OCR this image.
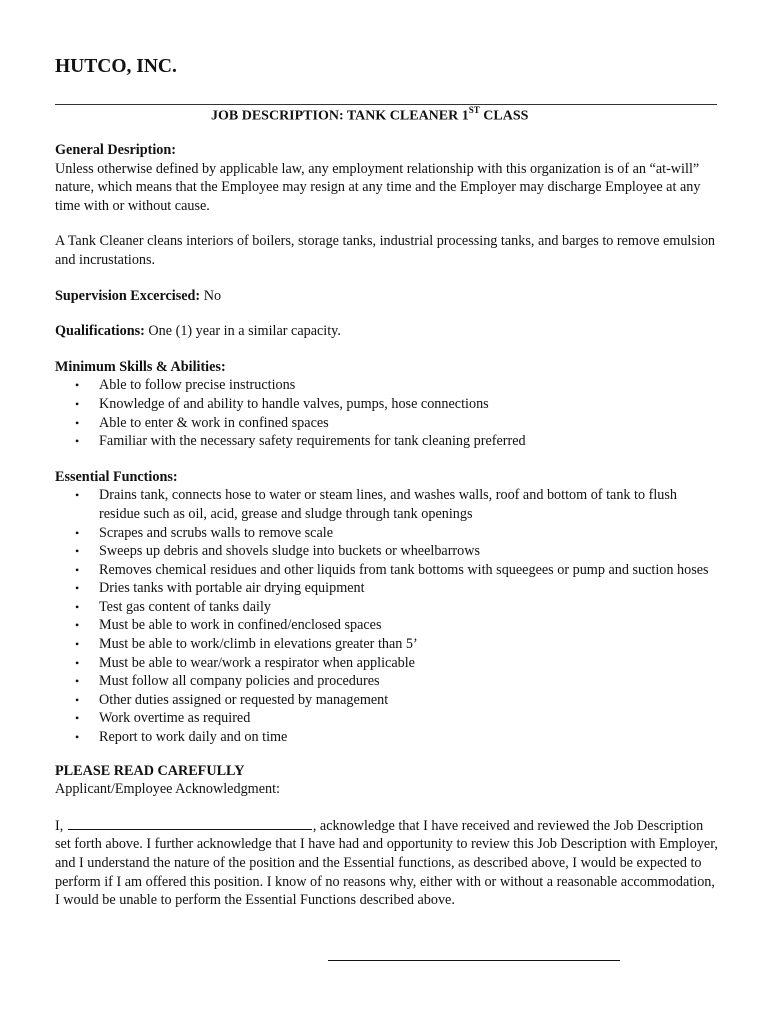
HUTCO, INC.
JOB DESCRIPTION: TANK CLEANER 1ST CLASS

General Desription:

Unless otherwise defined by applicable law, any employment relationship with this organization is of an “at-will” nature, which means that the Employee may resign at any time and the Employer may discharge Employee at any time with or without cause.

A Tank Cleaner cleans interiors of boilers, storage tanks, industrial processing tanks, and barges to remove emulsion and incrustations.

Supervision Excercised: No

Qualifications: One (1) year in a similar capacity.

Minimum Skills & Abilities:

• Able to follow precise instructions
• Knowledge of and ability to handle valves, pumps, hose connections
• Able to enter & work in confined spaces
• Familiar with the necessary safety requirements for tank cleaning preferred

Essential Functions:

• Drains tank, connects hose to water or steam lines, and washes walls, roof and bottom of tank to flush residue such as oil, acid, grease and sludge through tank openings
• Scrapes and scrubs walls to remove scale
• Sweeps up debris and shovels sludge into buckets or wheelbarrows
• Removes chemical residues and other liquids from tank bottoms with squeegees or pump and suction hoses
• Dries tanks with portable air drying equipment
• Test gas content of tanks daily
• Must be able to work in confined/enclosed spaces
• Must be able to work/climb in elevations greater than 5’
• Must be able to wear/work a respirator when applicable
• Must follow all company policies and procedures
• Other duties assigned or requested by management
• Work overtime as required
• Report to work daily and on time

PLEASE READ CAREFULLY

Applicant/Employee Acknowledgment:

I,	, acknowledge that I have received and reviewed the Job Description set forth above. I further acknowledge that I have had and opportunity to review this Job Description with Employer, and I understand the nature of the position and the Essential functions, as described above, I would be expected to perform if I am offered this position. I know of no reasons why, either with or without a reasonable accommodation, I would be unable to perform the Essential Functions described above.
